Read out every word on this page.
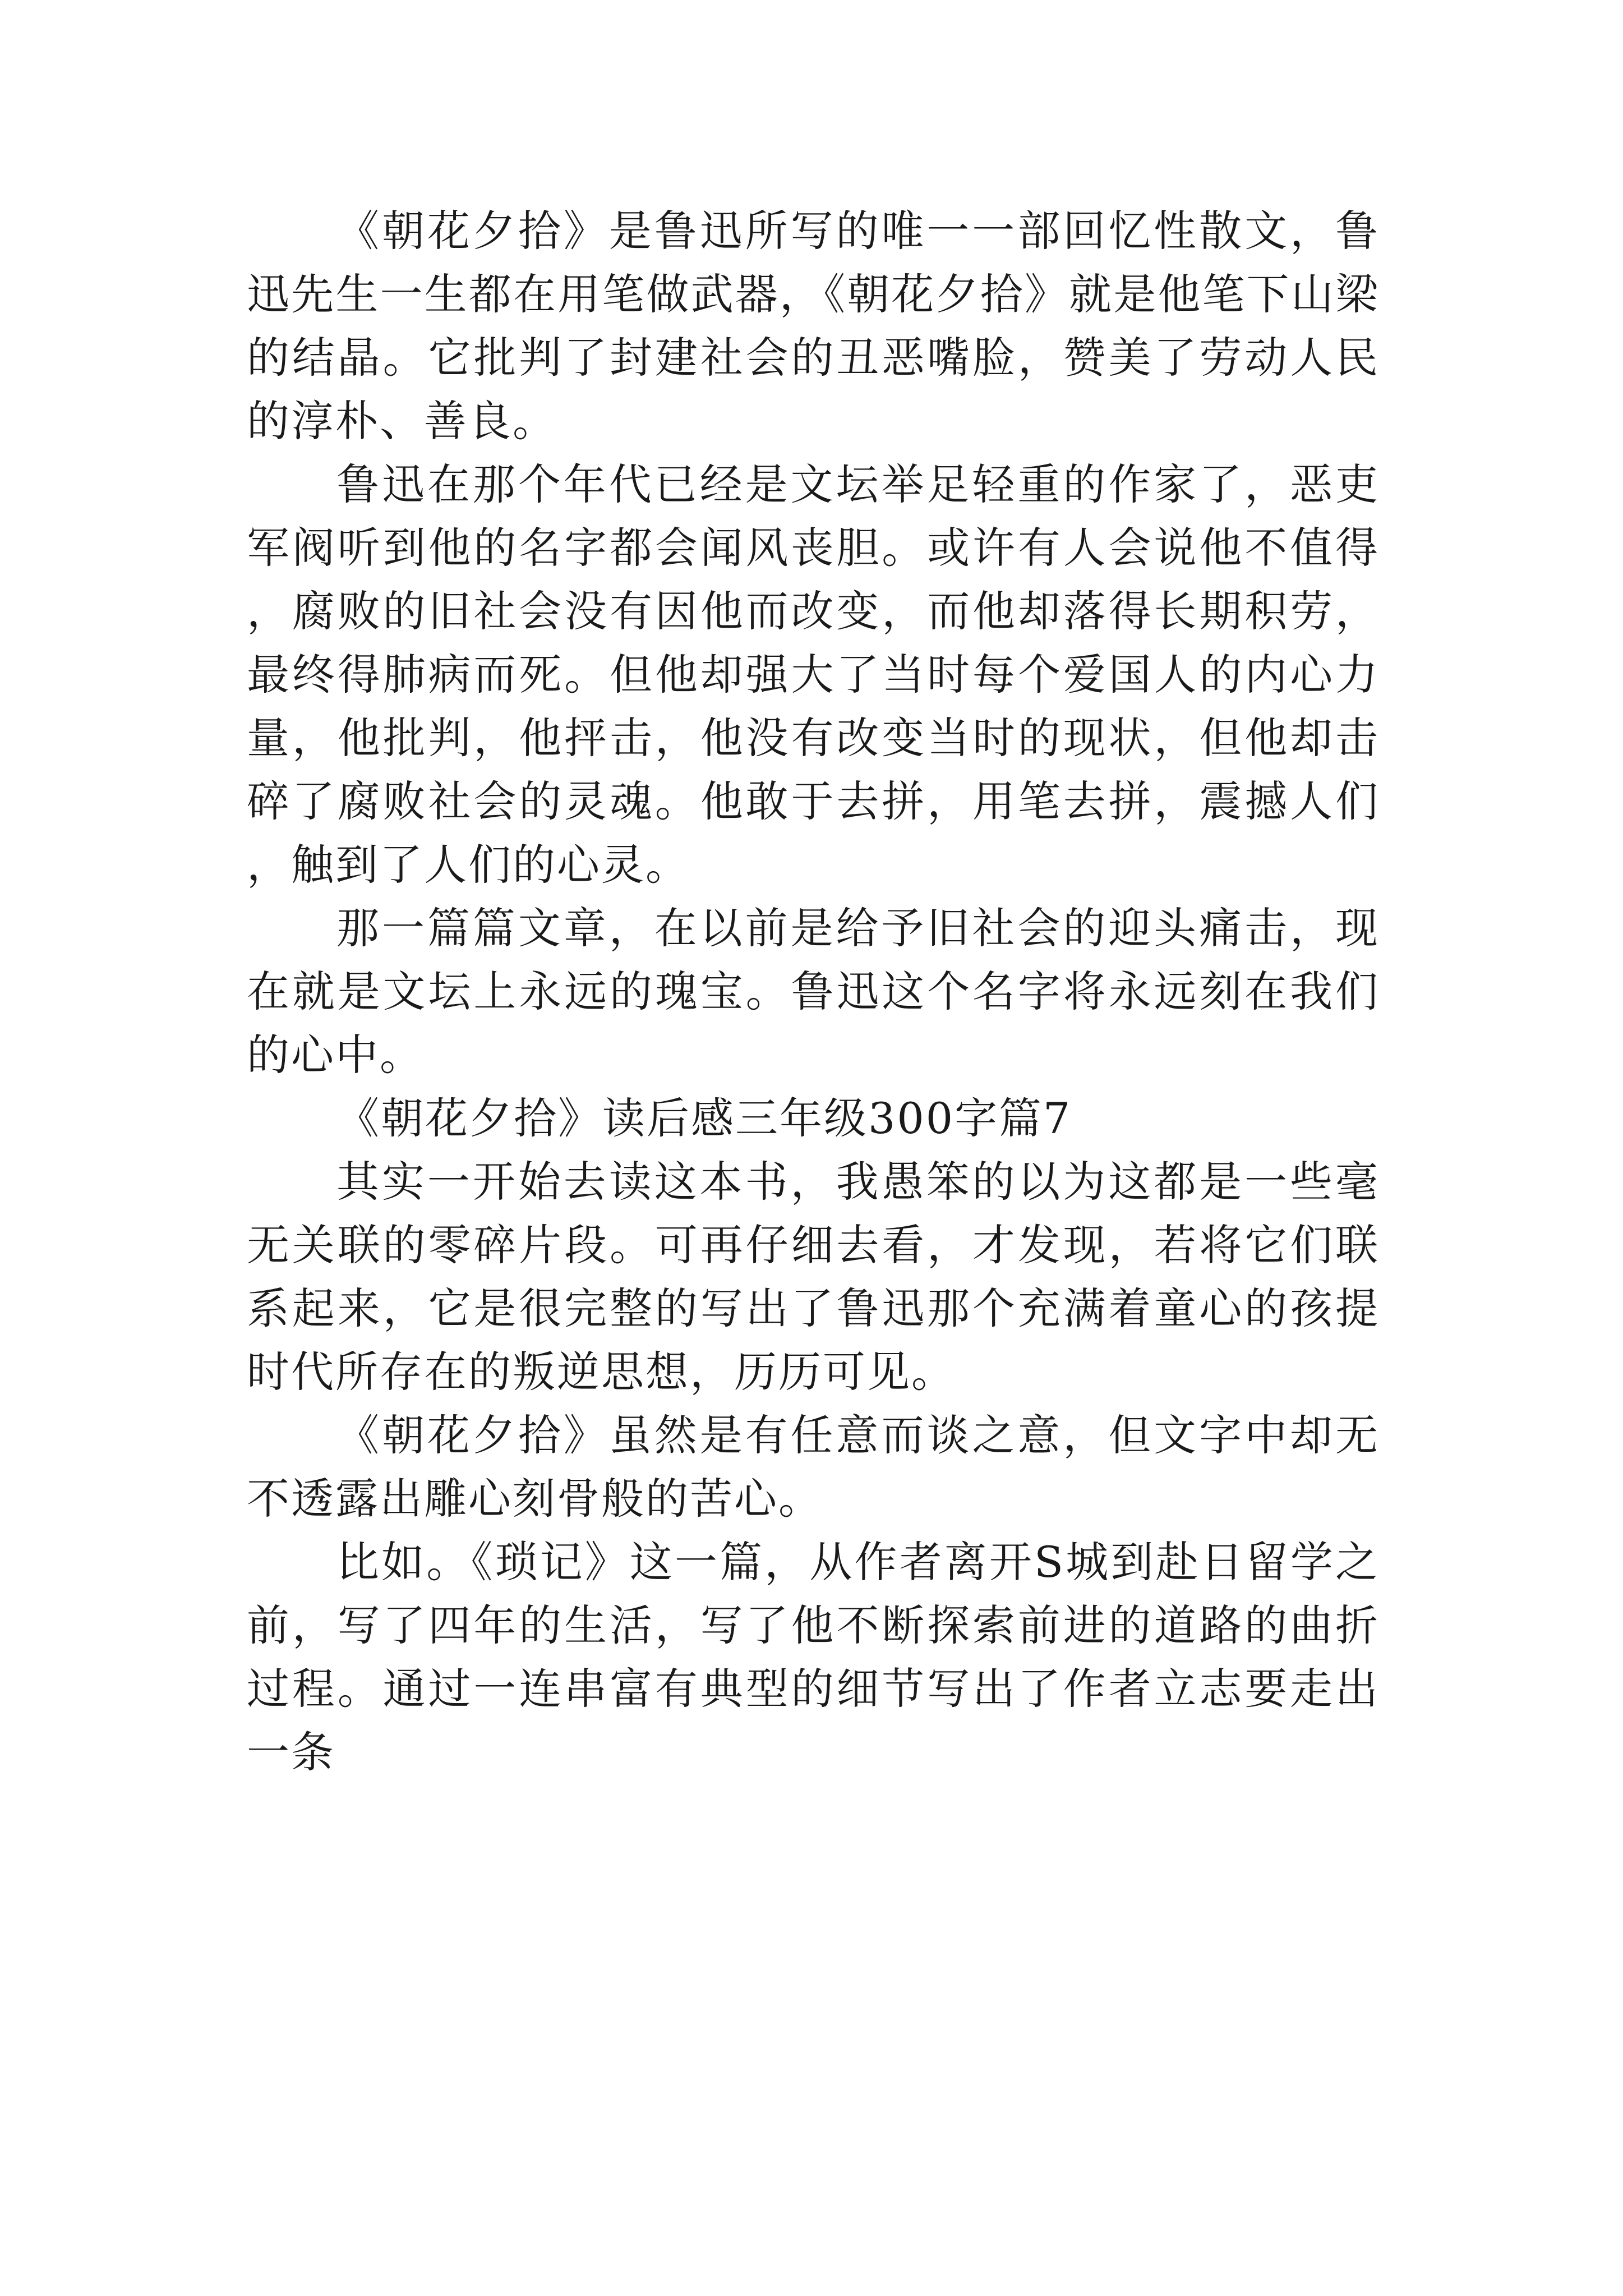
《朝花夕拾》是鲁迅所写的唯一一部回忆性散文，鲁迅先生一生都在用笔做武器，《朝花夕拾》就是他笔下山梁的结晶。它批判了封建社会的丑恶嘴脸，赞美了劳动人民的淳朴、善良。

鲁迅在那个年代已经是文坛举足轻重的作家了，恶吏军阀听到他的名字都会闻风丧胆。或许有人会说他不值得，腐败的旧社会没有因他而改变，而他却落得长期积劳，最终得肺病而死。但他却强大了当时每个爱国人的内心力量，他批判，他抨击，他没有改变当时的现状，但他却击碎了腐败社会的灵魂。他敢于去拼，用笔去拼，震撼人们，触到了人们的心灵。

那一篇篇文章，在以前是给予旧社会的迎头痛击，现在就是文坛上永远的瑰宝。鲁迅这个名字将永远刻在我们的心中。

《朝花夕拾》读后感三年级300字篇7

其实一开始去读这本书，我愚笨的以为这都是一些毫无关联的零碎片段。可再仔细去看，才发现，若将它们联系起来，它是很完整的写出了鲁迅那个充满着童心的孩提时代所存在的叛逆思想，历历可见。

《朝花夕拾》虽然是有任意而谈之意，但文字中却无不透露出雕心刻骨般的苦心。

比如。《琐记》这一篇，从作者离开S城到赴日留学之前，写了四年的生活，写了他不断探索前进的道路的曲折过程。通过一连串富有典型的细节写出了作者立志要走出一条
